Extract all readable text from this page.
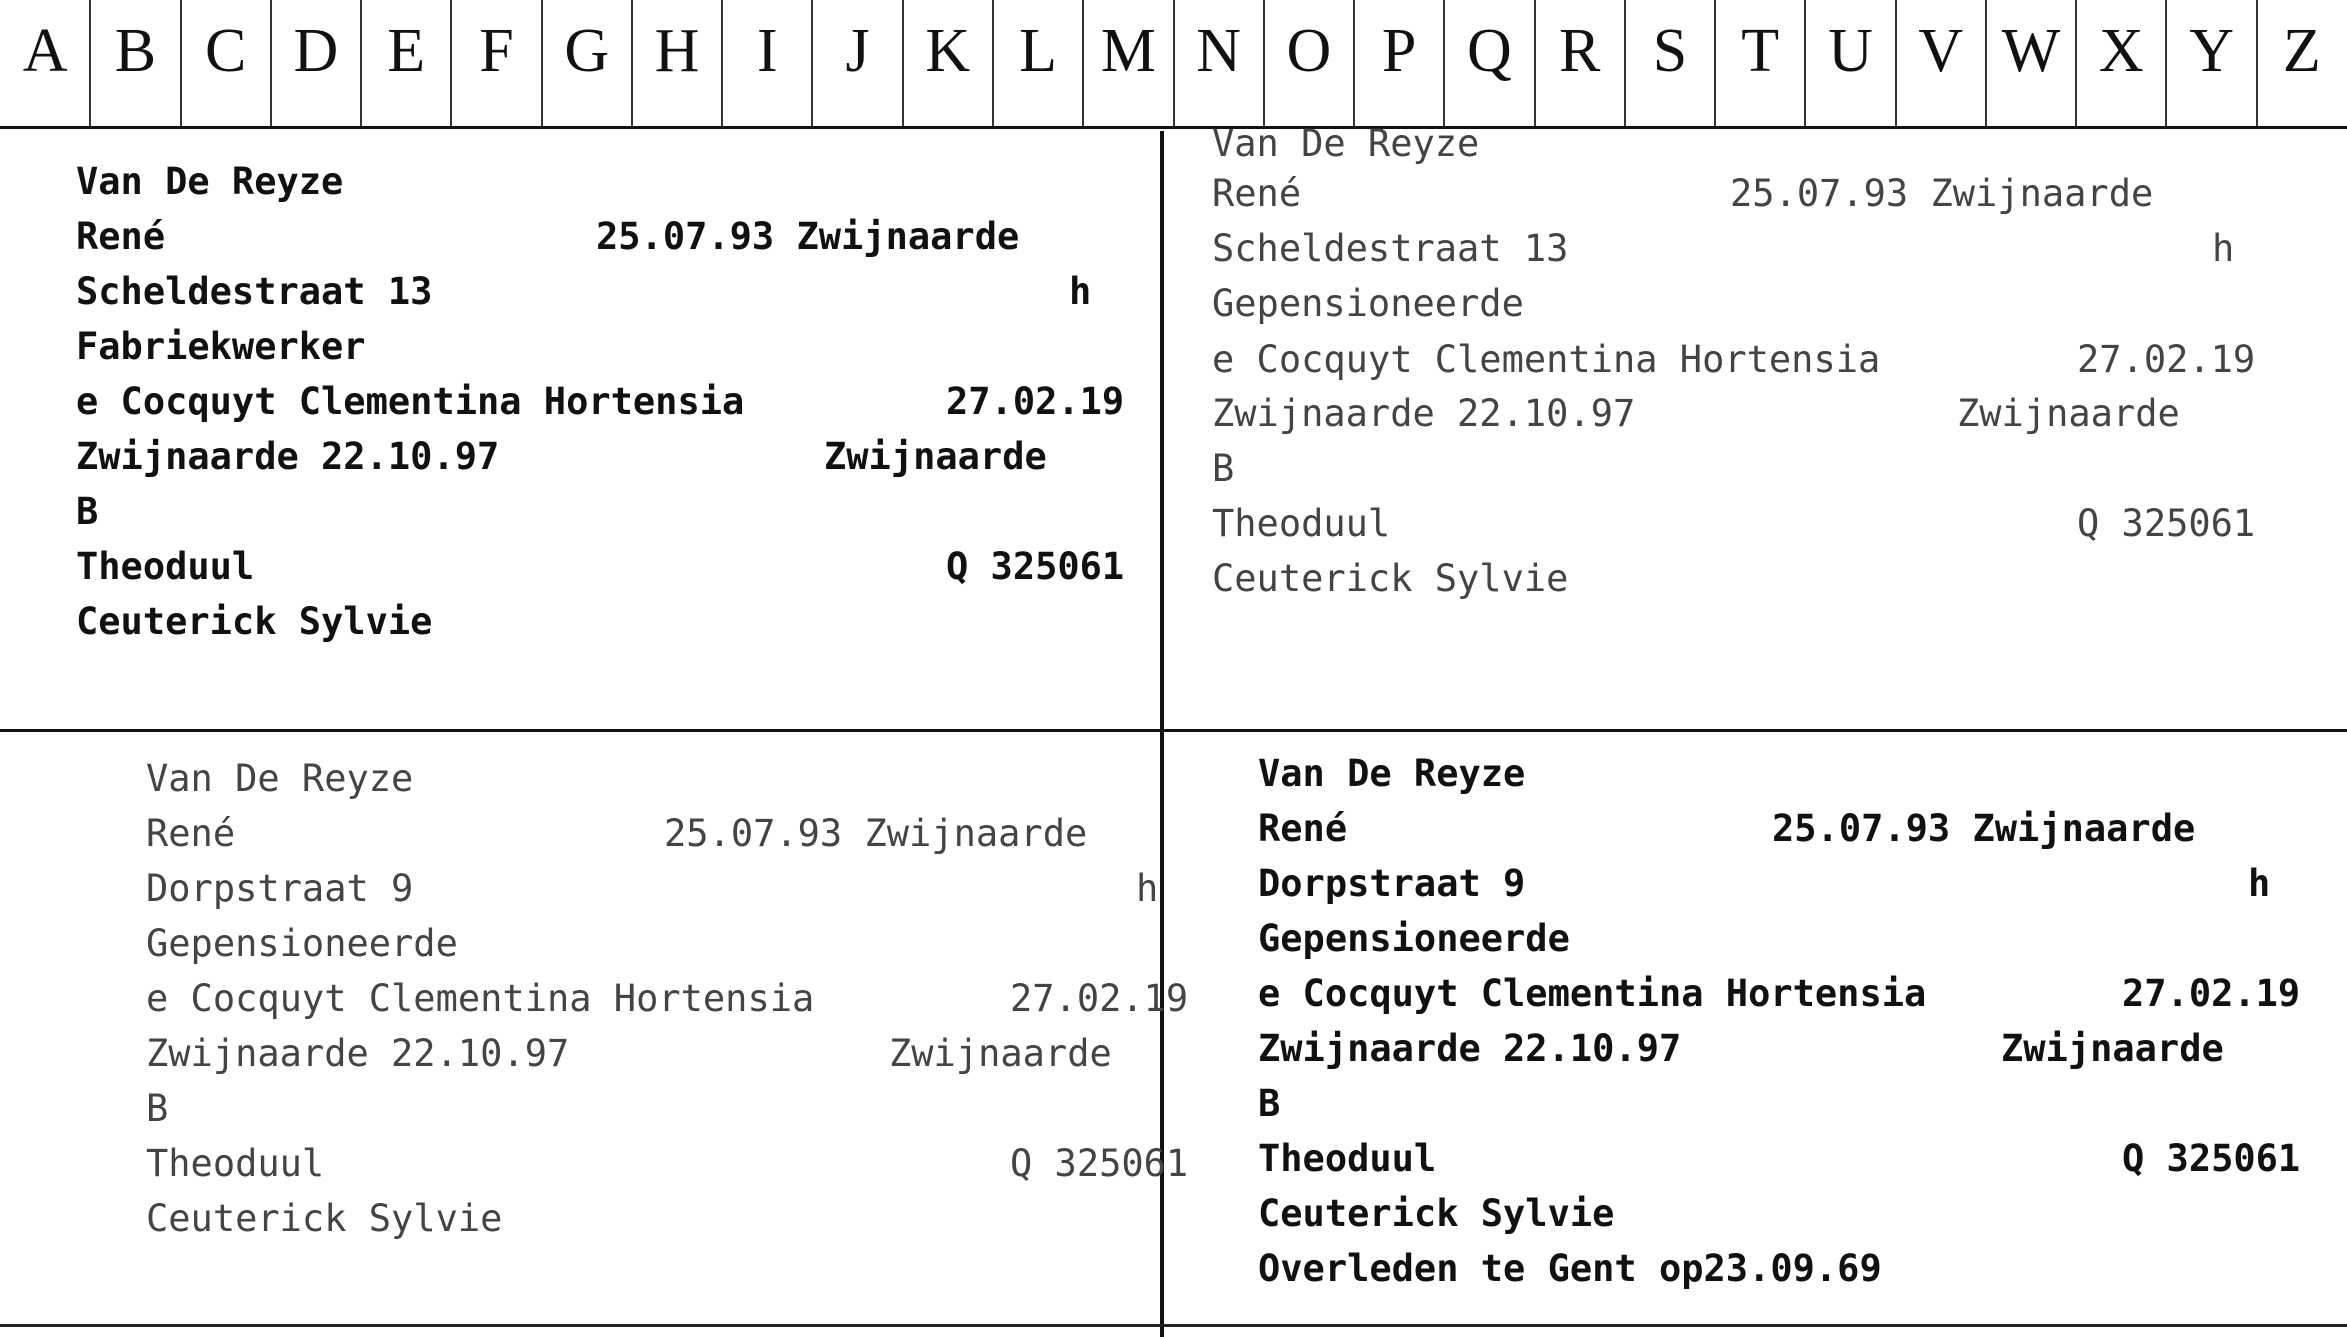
A B C D E F G H I J K L M N O P Q R S T U V W X Y Z
Van De Reyze
René	25.07.93 Zwijnaarde
Scheldestraat 13	h
Fabriekwerker
e Cocquyt Clementina Hortensia	27.02.19
Zwijnaarde 22.10.97	Zwijnaarde
B
Theoduul	Q 325061
Ceuterick Sylvie
Van De Reyze
René	25.07.93 Zwijnaarde
Scheldestraat 13	h
Gepensioneerde
e Cocquyt Clementina Hortensia	27.02.19
Zwijnaarde 22.10.97	Zwijnaarde
B
Theoduul	Q 325061
Ceuterick Sylvie
Van De Reyze
René	25.07.93 Zwijnaarde
Dorpstraat 9	h
Gepensioneerde
e Cocquyt Clementina Hortensia	27.02.19
Zwijnaarde 22.10.97	Zwijnaarde
B
Theoduul	Q 325061
Ceuterick Sylvie
Van De Reyze
René	25.07.93 Zwijnaarde
Dorpstraat 9	h
Gepensioneerde
e Cocquyt Clementina Hortensia	27.02.19
Zwijnaarde 22.10.97	Zwijnaarde
B
Theoduul	Q 325061
Ceuterick Sylvie
Overleden te Gent op23.09.69
